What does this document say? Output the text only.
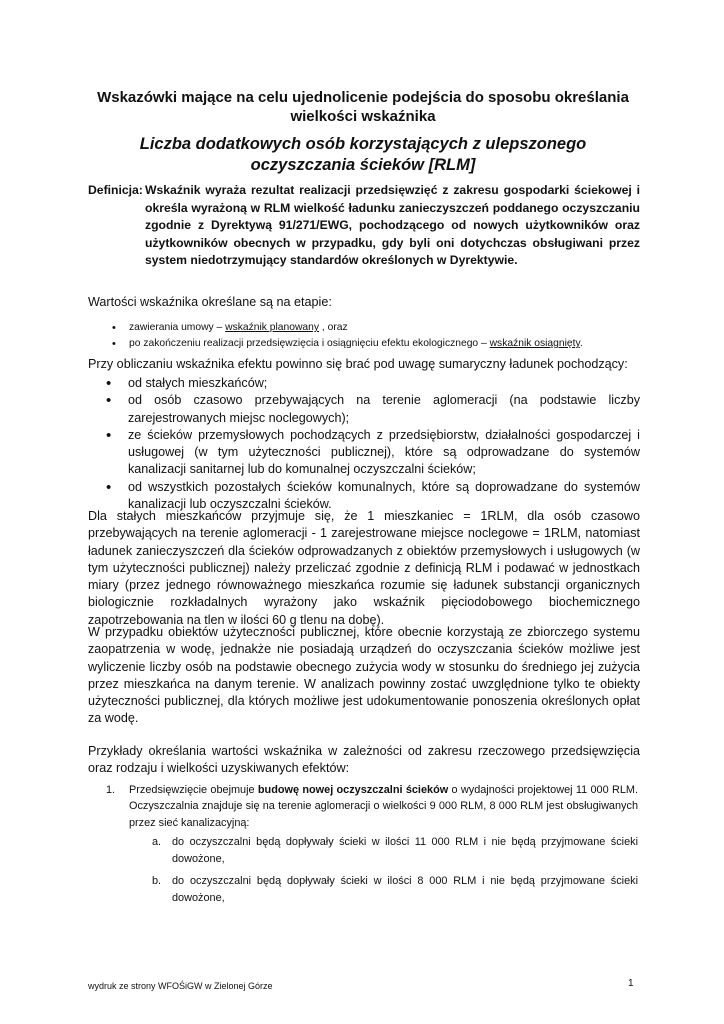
Wskazówki mające na celu ujednolicenie podejścia do sposobu określania wielkości wskaźnika
Liczba dodatkowych osób korzystających z ulepszonego oczyszczania ścieków [RLM]
Definicja: Wskaźnik wyraża rezultat realizacji przedsięwzięć z zakresu gospodarki ściekowej i określa wyrażoną w RLM wielkość ładunku zanieczyszczeń poddanego oczyszczaniu zgodnie z Dyrektywą 91/271/EWG, pochodzącego od nowych użytkowników oraz użytkowników obecnych w przypadku, gdy byli oni dotychczas obsługiwani przez system niedotrzymujący standardów określonych w Dyrektywie.
Wartości wskaźnika określane są na etapie:
• zawierania umowy – wskaźnik planowany , oraz
• po zakończeniu realizacji przedsięwzięcia i osiągnięciu efektu ekologicznego – wskaźnik osiągnięty.
Przy obliczaniu wskaźnika efektu powinno się brać pod uwagę sumaryczny ładunek pochodzący:
• od stałych mieszkańców;
• od osób czasowo przebywających na terenie aglomeracji (na podstawie liczby zarejestrowanych miejsc noclegowych);
• ze ścieków przemysłowych pochodzących z przedsiębiorstw, działalności gospodarczej i usługowej (w tym użyteczności publicznej), które są odprowadzane do systemów kanalizacji sanitarnej lub do komunalnej oczyszczalni ścieków;
• od wszystkich pozostałych ścieków komunalnych, które są doprowadzane do systemów kanalizacji lub oczyszczalni ścieków.
Dla stałych mieszkańców przyjmuje się, że 1 mieszkaniec = 1RLM, dla osób czasowo przebywających na terenie aglomeracji - 1 zarejestrowane miejsce noclegowe = 1RLM, natomiast ładunek zanieczyszczeń dla ścieków odprowadzanych z obiektów przemysłowych i usługowych (w tym użyteczności publicznej) należy przeliczać zgodnie z definicją RLM i podawać w jednostkach miary (przez jednego równoważnego mieszkańca rozumie się ładunek substancji organicznych biologicznie rozkładalnych wyrażony jako wskaźnik pięciodobowego biochemicznego zapotrzebowania na tlen w ilości 60 g tlenu na dobę).
W przypadku obiektów użyteczności publicznej, które obecnie korzystają ze zbiorczego systemu zaopatrzenia w wodę, jednakże nie posiadają urządzeń do oczyszczania ścieków możliwe jest wyliczenie liczby osób na podstawie obecnego zużycia wody w stosunku do średniego jej zużycia przez mieszkańca na danym terenie. W analizach powinny zostać uwzględnione tylko te obiekty użyteczności publicznej, dla których możliwe jest udokumentowanie ponoszenia określonych opłat za wodę.
Przykłady określania wartości wskaźnika w zależności od zakresu rzeczowego przedsięwzięcia oraz rodzaju i wielkości uzyskiwanych efektów:
1. Przedsięwzięcie obejmuje budowę nowej oczyszczalni ścieków o wydajności projektowej 11 000 RLM. Oczyszczalnia znajduje się na terenie aglomeracji o wielkości 9 000 RLM, 8 000 RLM jest obsługiwanych przez sieć kanalizacyjną:
a. do oczyszczalni będą dopływały ścieki w ilości 11 000 RLM i nie będą przyjmowane ścieki dowożone,
b. do oczyszczalni będą dopływały ścieki w ilości 8 000 RLM i nie będą przyjmowane ścieki dowożone,
wydruk ze strony WFOŚiGW w Zielonej Górze	1
